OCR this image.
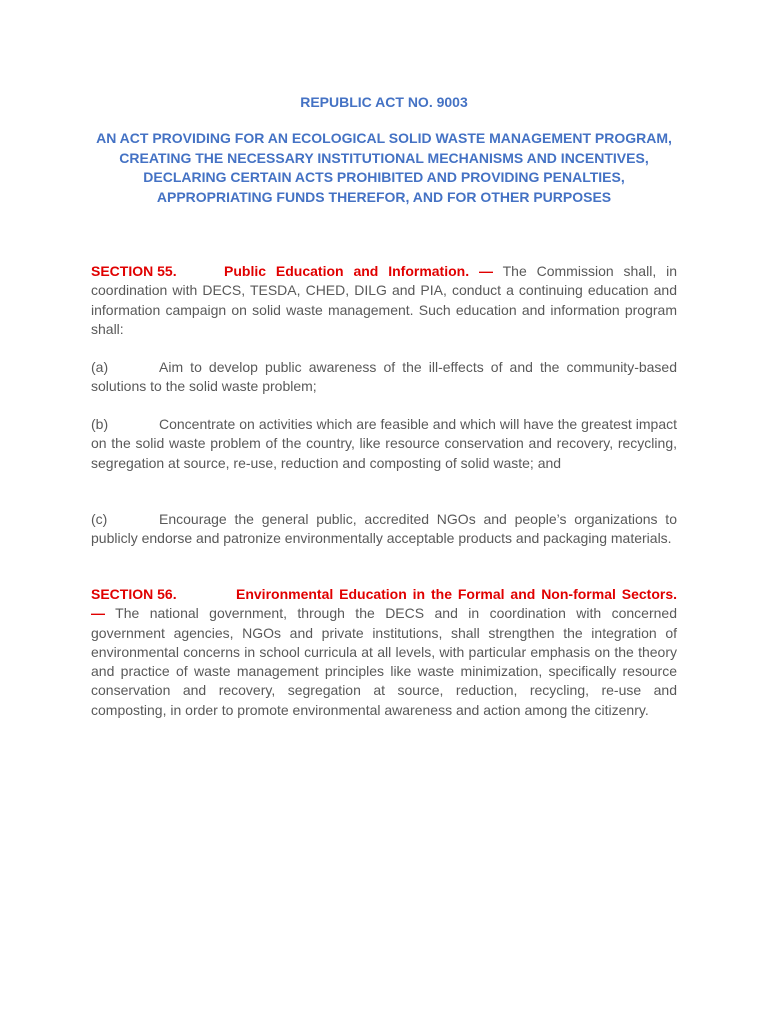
REPUBLIC ACT NO. 9003
AN ACT PROVIDING FOR AN ECOLOGICAL SOLID WASTE MANAGEMENT PROGRAM, CREATING THE NECESSARY INSTITUTIONAL MECHANISMS AND INCENTIVES, DECLARING CERTAIN ACTS PROHIBITED AND PROVIDING PENALTIES, APPROPRIATING FUNDS THEREFOR, AND FOR OTHER PURPOSES

SECTION 55.	Public Education and Information. — The Commission shall, in coordination with DECS, TESDA, CHED, DILG and PIA, conduct a continuing education and information campaign on solid waste management. Such education and information program shall:

(a)	Aim to develop public awareness of the ill-effects of and the community-based solutions to the solid waste problem;

(b)	Concentrate on activities which are feasible and which will have the greatest impact on the solid waste problem of the country, like resource conservation and recovery, recycling, segregation at source, re-use, reduction and composting of solid waste; and

(c)	Encourage the general public, accredited NGOs and people’s organizations to publicly endorse and patronize environmentally acceptable products and packaging materials.

SECTION 56.	Environmental Education in the Formal and Non-formal Sectors. — The national government, through the DECS and in coordination with concerned government agencies, NGOs and private institutions, shall strengthen the integration of environmental concerns in school curricula at all levels, with particular emphasis on the theory and practice of waste management principles like waste minimization, specifically resource conservation and recovery, segregation at source, reduction, recycling, re-use and composting, in order to promote environmental awareness and action among the citizenry.
